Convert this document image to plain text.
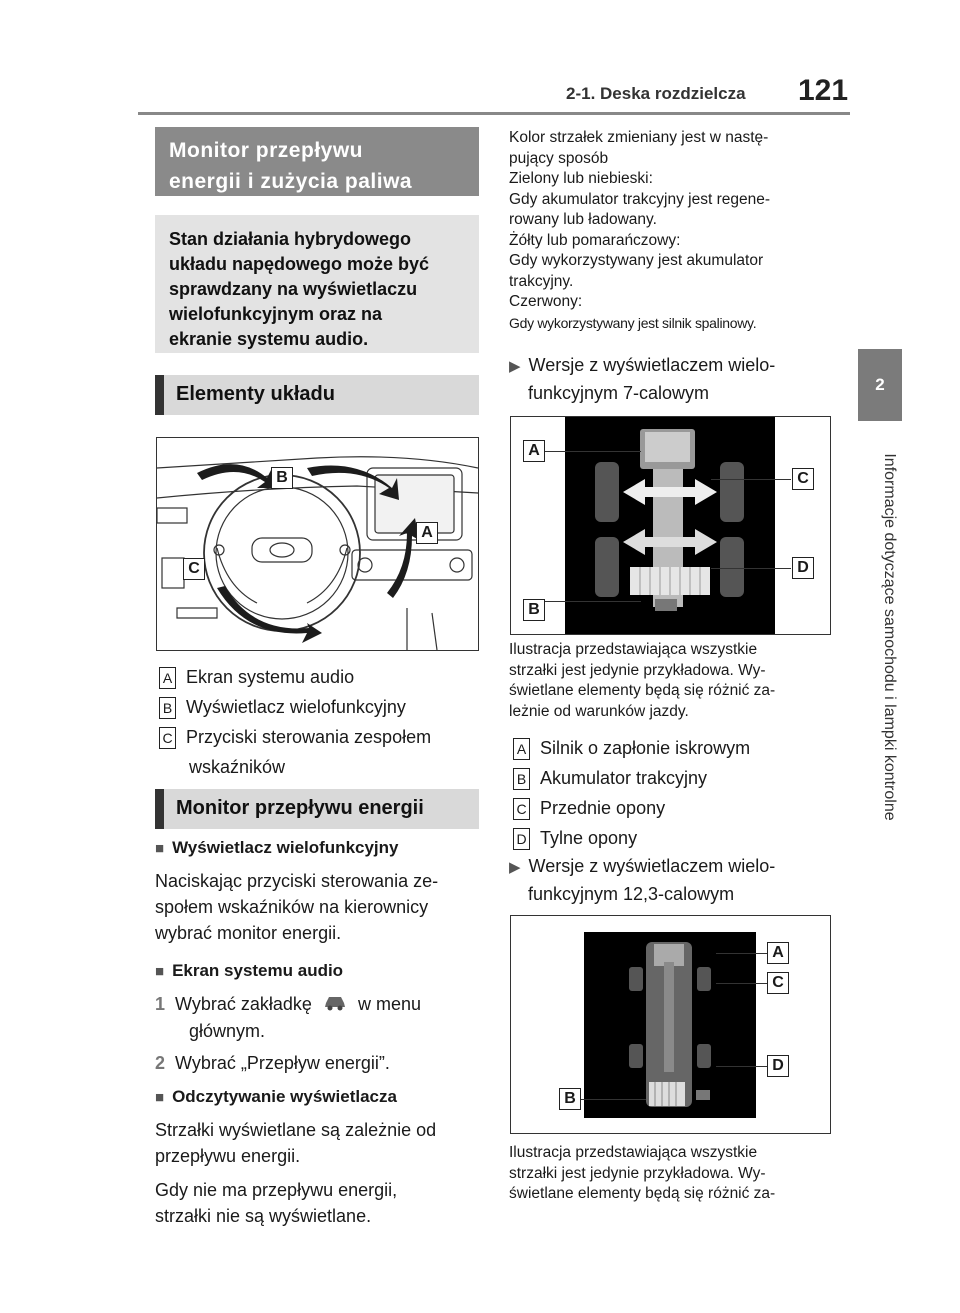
2-1. Deska rozdzielcza 121
2
Informacje dotyczące samochodu i lampki kontrolne
Monitor przepływu
energii i zużycia paliwa
Stan działania hybrydowego
układu napędowego może być
sprawdzany na wyświetlaczu
wielofunkcyjnym oraz na
ekranie systemu audio.
Elementy układu
B
A
C
A Ekran systemu audio
B Wyświetlacz wielofunkcyjny
C Przyciski sterowania zespołem
wskaźników
Monitor przepływu energii
■ Wyświetlacz wielofunkcyjny
Naciskając przyciski sterowania ze-
społem wskaźników na kierownicy
wybrać monitor energii.
■ Ekran systemu audio
1 Wybrać zakładkę	w menu
głównym.
2 Wybrać „Przepływ energii”.
■ Odczytywanie wyświetlacza
Strzałki wyświetlane są zależnie od
przepływu energii.
Gdy nie ma przepływu energii,
strzałki nie są wyświetlane.
Kolor strzałek zmieniany jest w nastę-
pujący sposób
Zielony lub niebieski:
Gdy akumulator trakcyjny jest regene-
rowany lub ładowany.
Żółty lub pomarańczowy:
Gdy wykorzystywany jest akumulator
trakcyjny.
Czerwony:
Gdy wykorzystywany jest silnik spalinowy.
▶ Wersje z wyświetlaczem wielo-
funkcyjnym 7-calowym
A
C
D
B
Ilustracja przedstawiająca wszystkie
strzałki jest jedynie przykładowa. Wy-
świetlane elementy będą się różnić za-
leżnie od warunków jazdy.
A Silnik o zapłonie iskrowym
B Akumulator trakcyjny
C Przednie opony
D Tylne opony
▶ Wersje z wyświetlaczem wielo-
funkcyjnym 12,3-calowym
A
C
D
B
Ilustracja przedstawiająca wszystkie
strzałki jest jedynie przykładowa. Wy-
świetlane elementy będą się różnić za-
